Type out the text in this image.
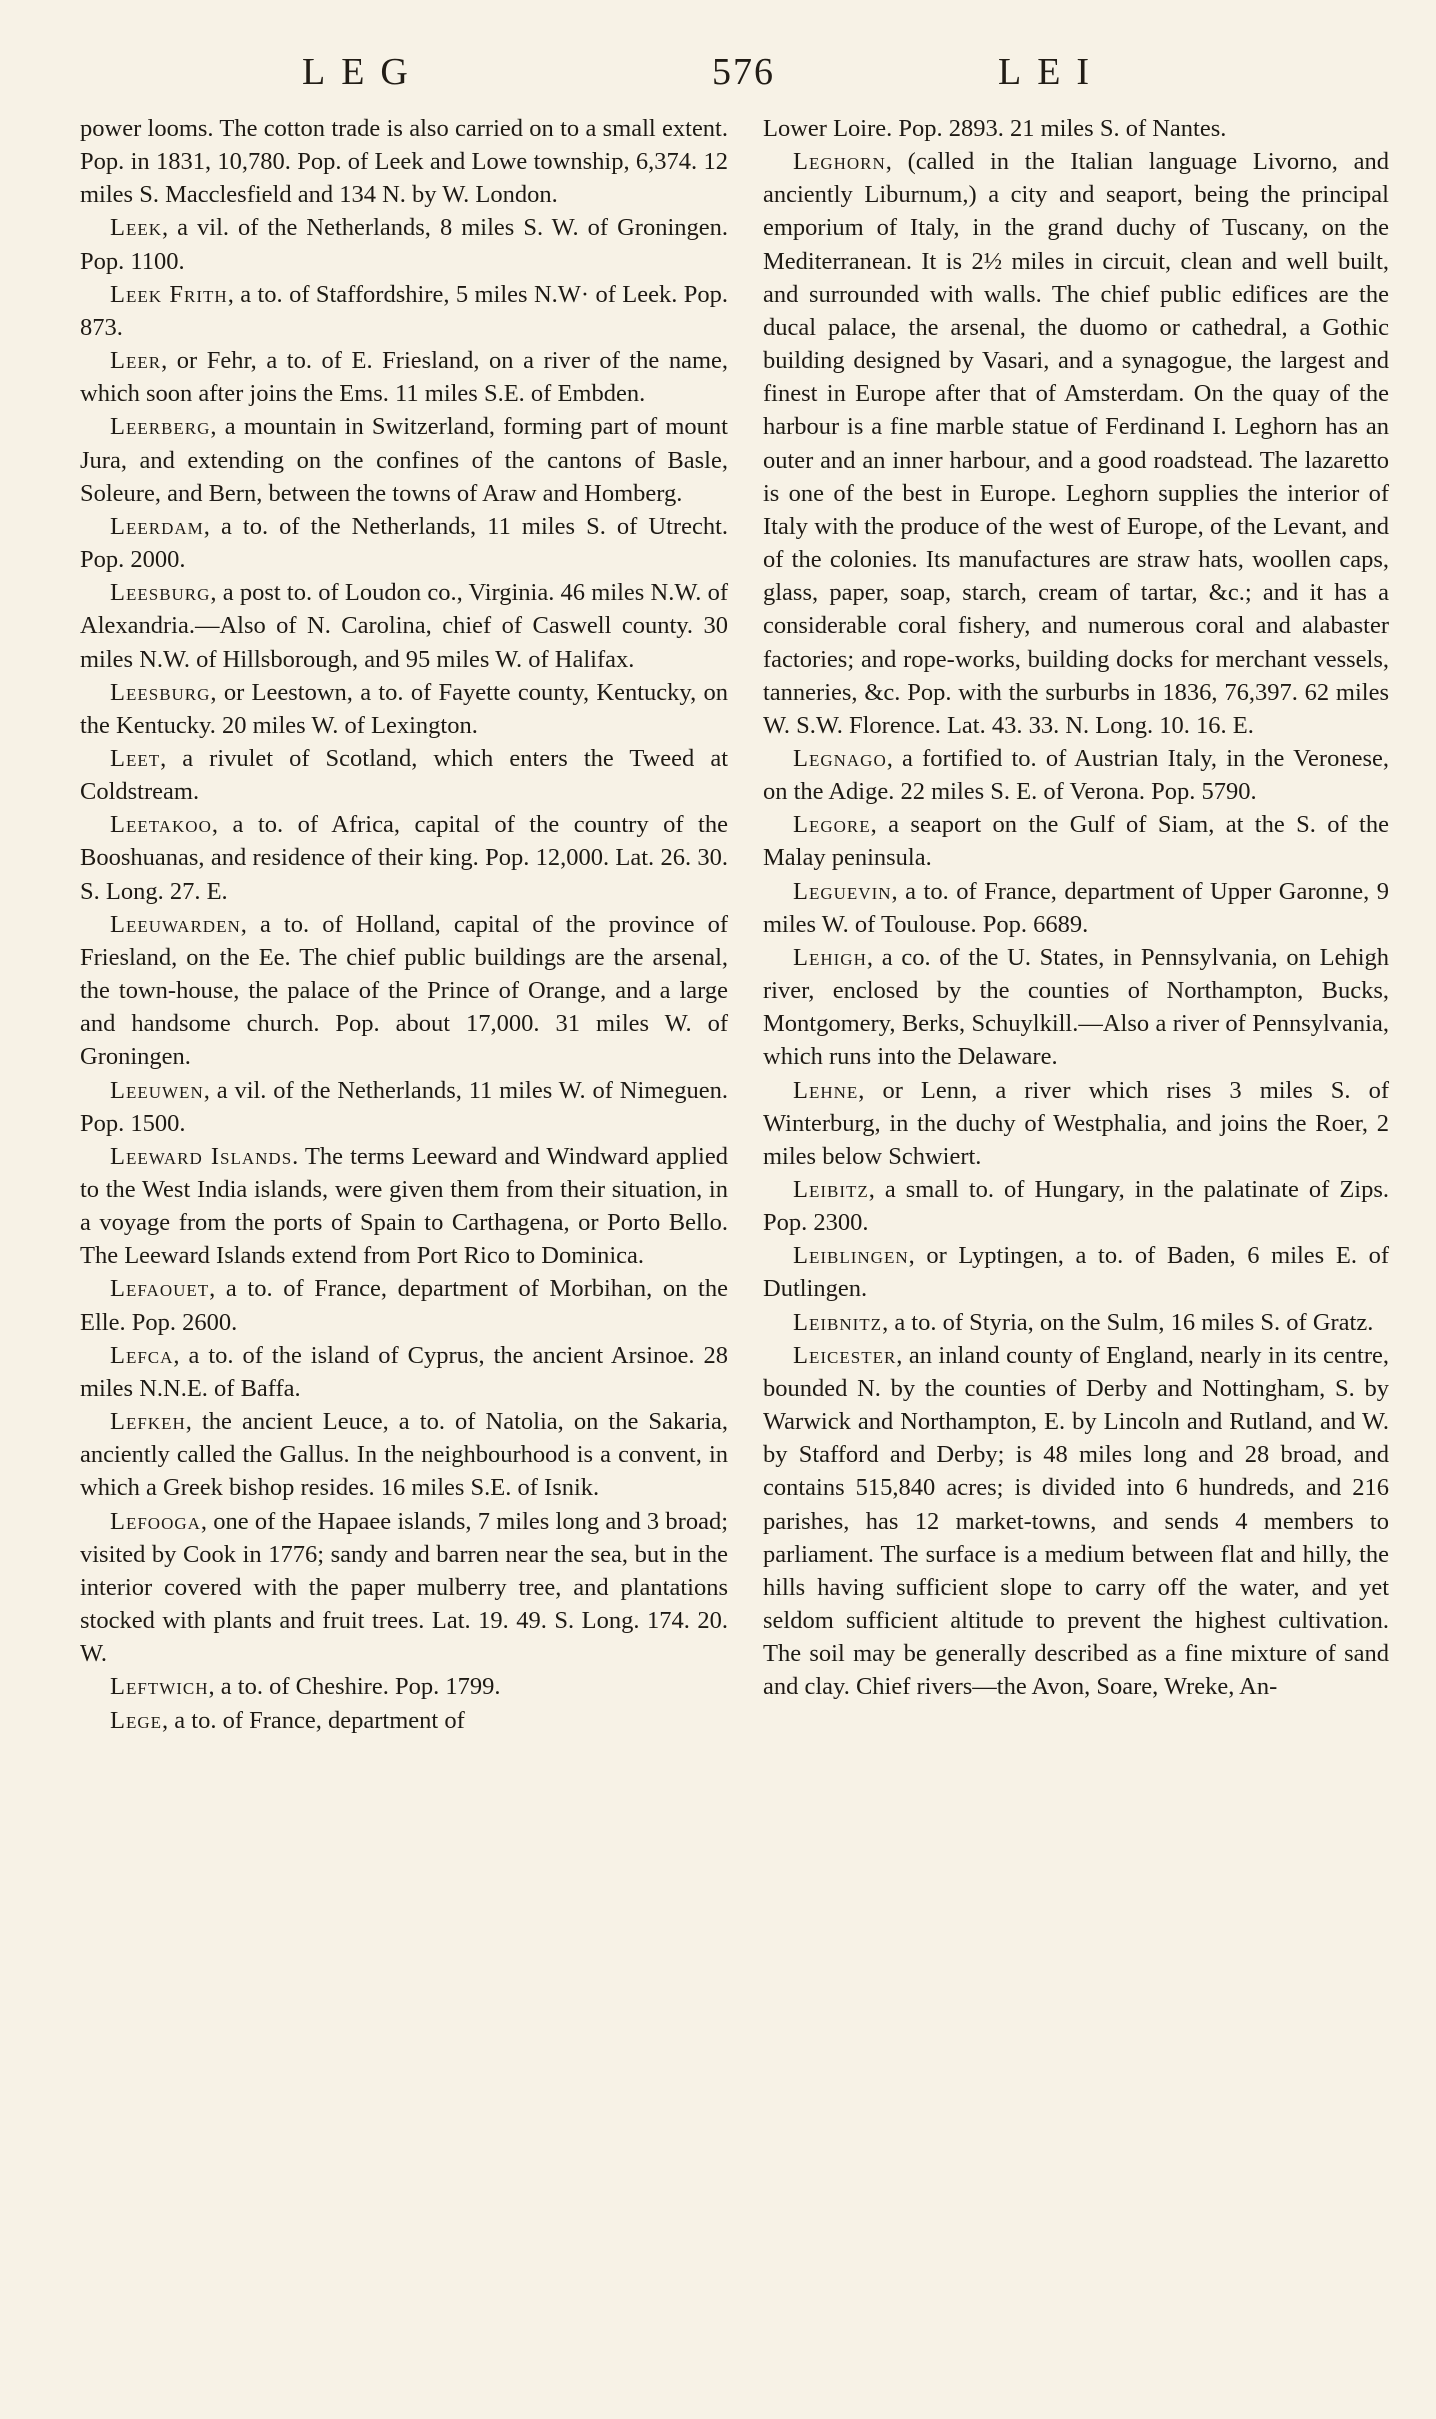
LEG	576	LEI

power looms. The cotton trade is also carried on to a small extent. Pop. in 1831, 10,780. Pop. of Leek and Lowe township, 6,374. 12 miles S. Macclesfield and 134 N. by W. London.

Leek, a vil. of the Netherlands, 8 miles S. W. of Groningen. Pop. 1100.

Leek Frith, a to. of Staffordshire, 5 miles N.W· of Leek. Pop. 873.

Leer, or Fehr, a to. of E. Friesland, on a river of the name, which soon after joins the Ems. 11 miles S.E. of Embden.

Leerberg, a mountain in Switzerland, forming part of mount Jura, and extending on the confines of the cantons of Basle, Soleure, and Bern, between the towns of Araw and Homberg.

Leerdam, a to. of the Netherlands, 11 miles S. of Utrecht. Pop. 2000.

Leesburg, a post to. of Loudon co., Virginia. 46 miles N.W. of Alexandria.—Also of N. Carolina, chief of Caswell county. 30 miles N.W. of Hillsborough, and 95 miles W. of Halifax.

Leesburg, or Leestown, a to. of Fayette county, Kentucky, on the Kentucky. 20 miles W. of Lexington.

Leet, a rivulet of Scotland, which enters the Tweed at Coldstream.

Leetakoo, a to. of Africa, capital of the country of the Booshuanas, and residence of their king. Pop. 12,000. Lat. 26. 30. S. Long. 27. E.

Leeuwarden, a to. of Holland, capital of the province of Friesland, on the Ee. The chief public buildings are the arsenal, the town-house, the palace of the Prince of Orange, and a large and handsome church. Pop. about 17,000. 31 miles W. of Groningen.

Leeuwen, a vil. of the Netherlands, 11 miles W. of Nimeguen. Pop. 1500.

Leeward Islands. The terms Leeward and Windward applied to the West India islands, were given them from their situation, in a voyage from the ports of Spain to Carthagena, or Porto Bello. The Leeward Islands extend from Port Rico to Dominica.

Lefaouet, a to. of France, department of Morbihan, on the Elle. Pop. 2600.

Lefca, a to. of the island of Cyprus, the ancient Arsinoe. 28 miles N.N.E. of Baffa.

Lefkeh, the ancient Leuce, a to. of Natolia, on the Sakaria, anciently called the Gallus. In the neighbourhood is a convent, in which a Greek bishop resides. 16 miles S.E. of Isnik.

Lefooga, one of the Hapaee islands, 7 miles long and 3 broad; visited by Cook in 1776; sandy and barren near the sea, but in the interior covered with the paper mulberry tree, and plantations stocked with plants and fruit trees. Lat. 19. 49. S. Long. 174. 20. W.

Leftwich, a to. of Cheshire. Pop. 1799.

Lege, a to. of France, department of

Lower Loire. Pop. 2893. 21 miles S. of Nantes.

Leghorn, (called in the Italian language Livorno, and anciently Liburnum,) a city and seaport, being the principal emporium of Italy, in the grand duchy of Tuscany, on the Mediterranean. It is 2½ miles in circuit, clean and well built, and surrounded with walls. The chief public edifices are the ducal palace, the arsenal, the duomo or cathedral, a Gothic building designed by Vasari, and a synagogue, the largest and finest in Europe after that of Amsterdam. On the quay of the harbour is a fine marble statue of Ferdinand I. Leghorn has an outer and an inner harbour, and a good roadstead. The lazaretto is one of the best in Europe. Leghorn supplies the interior of Italy with the produce of the west of Europe, of the Levant, and of the colonies. Its manufactures are straw hats, woollen caps, glass, paper, soap, starch, cream of tartar, &c.; and it has a considerable coral fishery, and numerous coral and alabaster factories; and rope-works, building docks for merchant vessels, tanneries, &c. Pop. with the surburbs in 1836, 76,397. 62 miles W. S.W. Florence. Lat. 43. 33. N. Long. 10. 16. E.

Legnago, a fortified to. of Austrian Italy, in the Veronese, on the Adige. 22 miles S. E. of Verona. Pop. 5790.

Legore, a seaport on the Gulf of Siam, at the S. of the Malay peninsula.

Leguevin, a to. of France, department of Upper Garonne, 9 miles W. of Toulouse. Pop. 6689.

Lehigh, a co. of the U. States, in Pennsylvania, on Lehigh river, enclosed by the counties of Northampton, Bucks, Montgomery, Berks, Schuylkill.—Also a river of Pennsylvania, which runs into the Delaware.

Lehne, or Lenn, a river which rises 3 miles S. of Winterburg, in the duchy of Westphalia, and joins the Roer, 2 miles below Schwiert.

Leibitz, a small to. of Hungary, in the palatinate of Zips. Pop. 2300.

Leiblingen, or Lyptingen, a to. of Baden, 6 miles E. of Dutlingen.

Leibnitz, a to. of Styria, on the Sulm, 16 miles S. of Gratz.

Leicester, an inland county of England, nearly in its centre, bounded N. by the counties of Derby and Nottingham, S. by Warwick and Northampton, E. by Lincoln and Rutland, and W. by Stafford and Derby; is 48 miles long and 28 broad, and contains 515,840 acres; is divided into 6 hundreds, and 216 parishes, has 12 market-towns, and sends 4 members to parliament. The surface is a medium between flat and hilly, the hills having sufficient slope to carry off the water, and yet seldom sufficient altitude to prevent the highest cultivation. The soil may be generally described as a fine mixture of sand and clay. Chief rivers—the Avon, Soare, Wreke, An-
